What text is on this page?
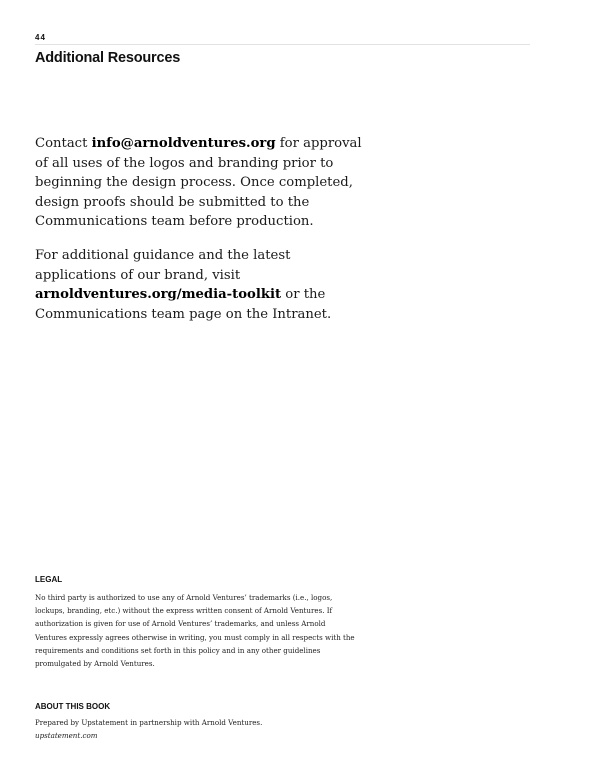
44
Additional Resources

Contact info@arnoldventures.org for approval of all uses of the logos and branding prior to beginning the design process. Once completed, design proofs should be submitted to the Communications team before production.

For additional guidance and the latest applications of our brand, visit arnoldventures.org/media-toolkit or the Communications team page on the Intranet.

LEGAL

No third party is authorized to use any of Arnold Ventures’ trademarks (i.e., logos, lockups, branding, etc.) without the express written consent of Arnold Ventures. If authorization is given for use of Arnold Ventures’ trademarks, and unless Arnold Ventures expressly agrees otherwise in writing, you must comply in all respects with the requirements and conditions set forth in this policy and in any other guidelines promulgated by Arnold Ventures.

ABOUT THIS BOOK

Prepared by Upstatement in partnership with Arnold Ventures.
upstatement.com
